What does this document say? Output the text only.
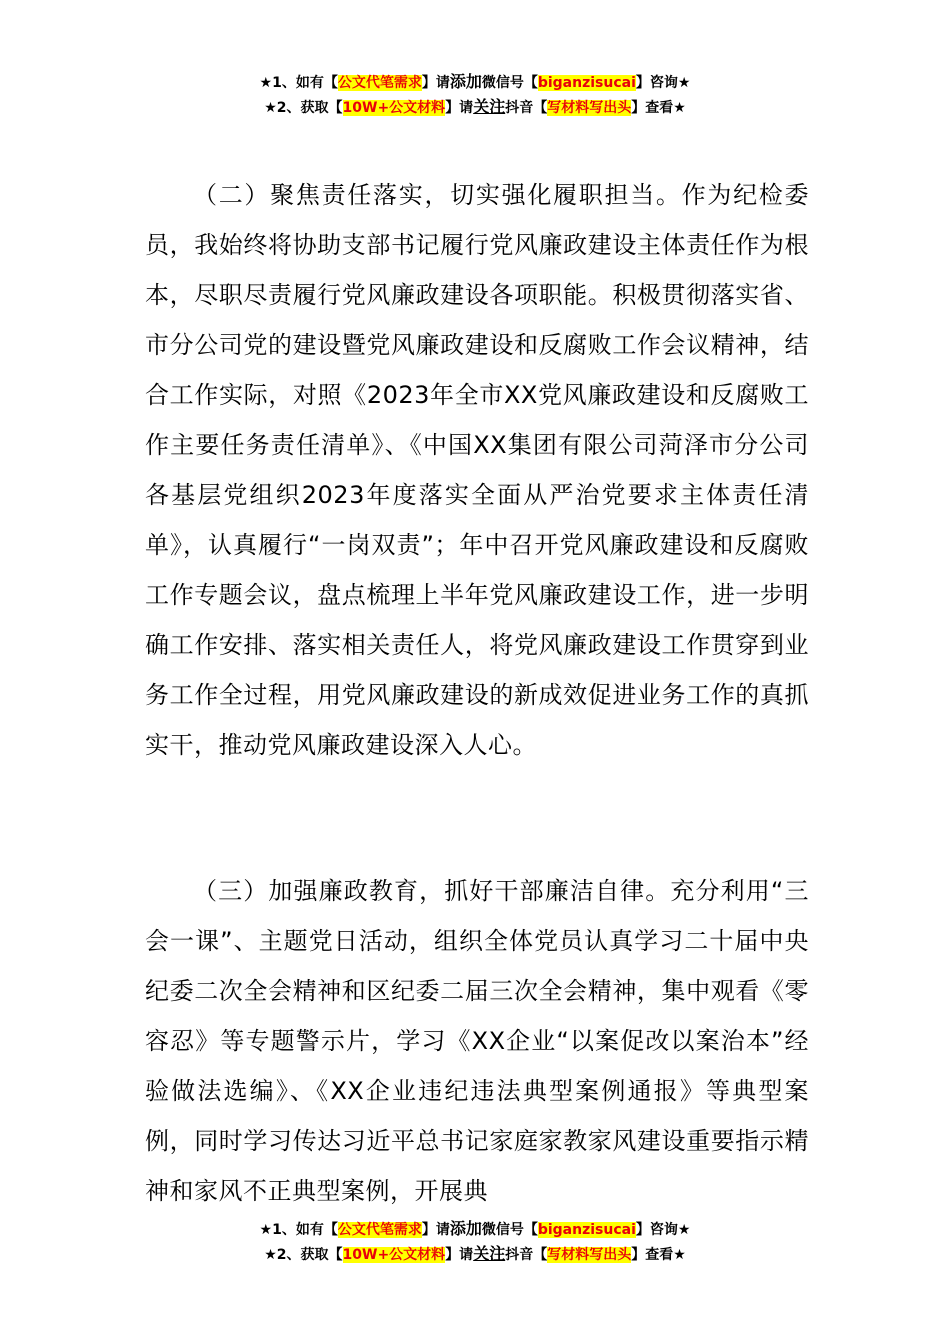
★1、如有【公文代笔需求】请添加微信号【biganzisucai】咨询★
★2、获取【10W+公文材料】请关注抖音【写材料写出头】查看★

（二）聚焦责任落实，切实强化履职担当。作为纪检委员，我始终将协助支部书记履行党风廉政建设主体责任作为根本，尽职尽责履行党风廉政建设各项职能。积极贯彻落实省、市分公司党的建设暨党风廉政建设和反腐败工作会议精神，结合工作实际，对照《2023年全市XX党风廉政建设和反腐败工作主要任务责任清单》、《中国XX集团有限公司菏泽市分公司各基层党组织2023年度落实全面从严治党要求主体责任清单》，认真履行“一岗双责”；年中召开党风廉政建设和反腐败工作专题会议，盘点梳理上半年党风廉政建设工作，进一步明确工作安排、落实相关责任人，将党风廉政建设工作贯穿到业务工作全过程，用党风廉政建设的新成效促进业务工作的真抓实干，推动党风廉政建设深入人心。

（三）加强廉政教育，抓好干部廉洁自律。充分利用“三会一课”、主题党日活动，组织全体党员认真学习二十届中央纪委二次全会精神和区纪委二届三次全会精神，集中观看《零容忍》等专题警示片，学习《XX企业“以案促改以案治本”经验做法选编》、《XX企业违纪违法典型案例通报》等典型案例，同时学习传达习近平总书记家庭家教家风建设重要指示精神和家风不正典型案例，开展典

★1、如有【公文代笔需求】请添加微信号【biganzisucai】咨询★
★2、获取【10W+公文材料】请关注抖音【写材料写出头】查看★
